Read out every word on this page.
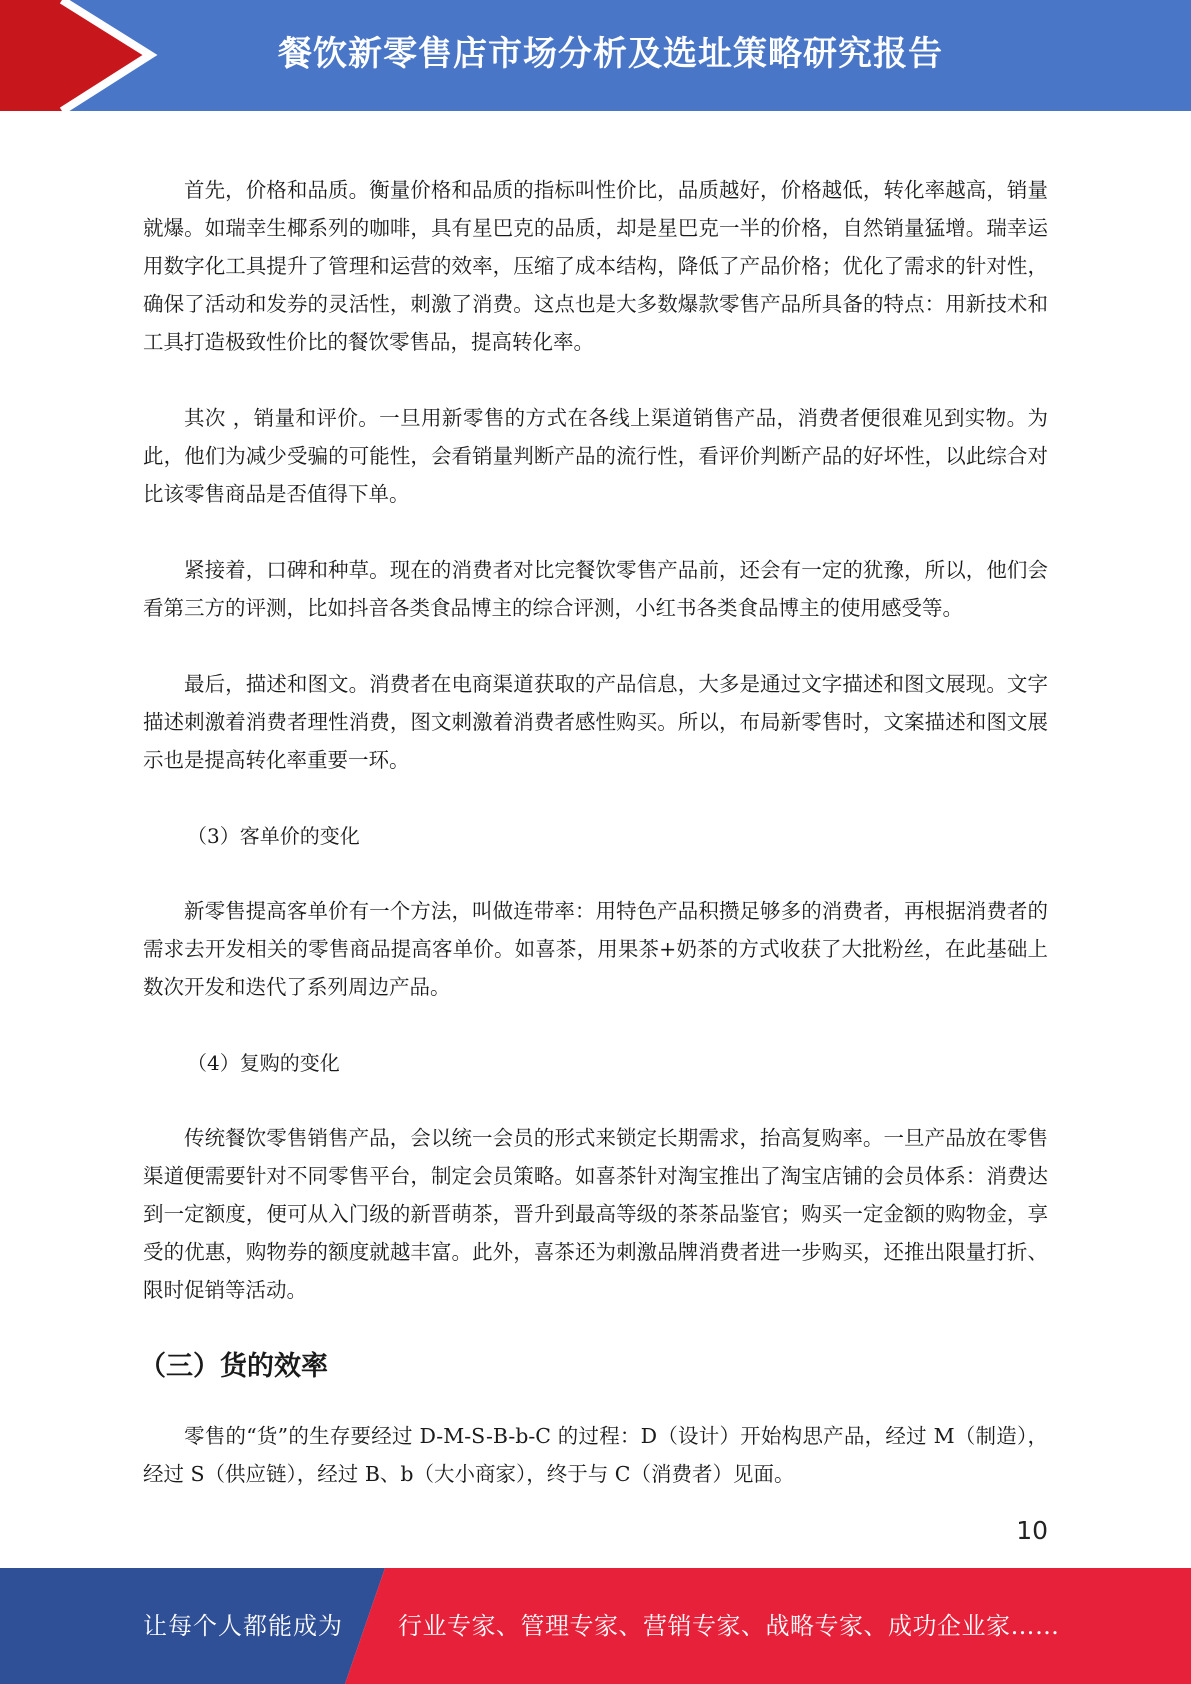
餐饮新零售店市场分析及选址策略研究报告

首先，价格和品质。衡量价格和品质的指标叫性价比，品质越好，价格越低，转化率越高，销量就爆。如瑞幸生椰系列的咖啡，具有星巴克的品质，却是星巴克一半的价格，自然销量猛增。瑞幸运用数字化工具提升了管理和运营的效率，压缩了成本结构，降低了产品价格；优化了需求的针对性，确保了活动和发券的灵活性，刺激了消费。这点也是大多数爆款零售产品所具备的特点：用新技术和工具打造极致性价比的餐饮零售品，提高转化率。

其次 ，销量和评价。一旦用新零售的方式在各线上渠道销售产品，消费者便很难见到实物。为此，他们为减少受骗的可能性，会看销量判断产品的流行性，看评价判断产品的好坏性，以此综合对比该零售商品是否值得下单。

紧接着，口碑和种草。现在的消费者对比完餐饮零售产品前，还会有一定的犹豫，所以，他们会看第三方的评测，比如抖音各类食品博主的综合评测，小红书各类食品博主的使用感受等。

最后，描述和图文。消费者在电商渠道获取的产品信息，大多是通过文字描述和图文展现。文字描述刺激着消费者理性消费，图文刺激着消费者感性购买。所以，布局新零售时，文案描述和图文展示也是提高转化率重要一环。

（3）客单价的变化

新零售提高客单价有一个方法，叫做连带率：用特色产品积攒足够多的消费者，再根据消费者的需求去开发相关的零售商品提高客单价。如喜茶，用果茶+奶茶的方式收获了大批粉丝，在此基础上数次开发和迭代了系列周边产品。

（4）复购的变化

传统餐饮零售销售产品，会以统一会员的形式来锁定长期需求，抬高复购率。一旦产品放在零售渠道便需要针对不同零售平台，制定会员策略。如喜茶针对淘宝推出了淘宝店铺的会员体系：消费达到一定额度，便可从入门级的新晋萌茶，晋升到最高等级的茶茶品鉴官；购买一定金额的购物金，享受的优惠，购物券的额度就越丰富。此外，喜茶还为刺激品牌消费者进一步购买，还推出限量打折、限时促销等活动。

（三）货的效率

零售的“货”的生存要经过 D-M-S-B-b-C 的过程：D（设计）开始构思产品，经过 M（制造），经过 S（供应链），经过 B、b（大小商家），终于与 C（消费者）见面。

10
让每个人都能成为 行业专家、管理专家、营销专家、战略专家、成功企业家……
